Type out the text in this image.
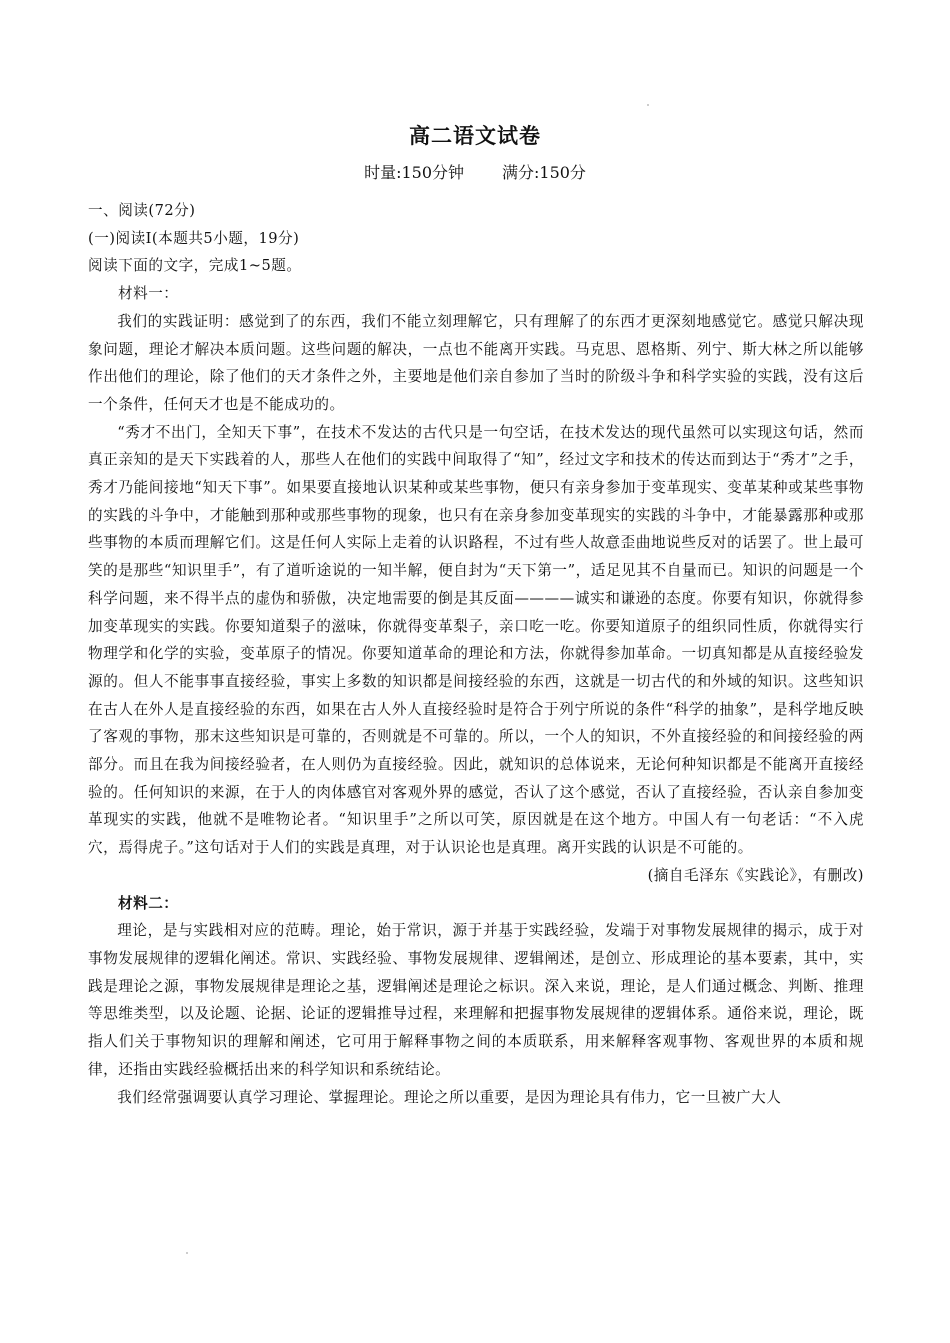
高二语文试卷
时量:150分钟 满分:150分

一、阅读(72分)

(一)阅读Ⅰ(本题共5小题，19分)

阅读下面的文字，完成1~5题。

材料一：

我们的实践证明：感觉到了的东西，我们不能立刻理解它，只有理解了的东西才更深刻地感觉它。感觉只解决现象问题，理论才解决本质问题。这些问题的解决，一点也不能离开实践。马克思、恩格斯、列宁、斯大林之所以能够作出他们的理论，除了他们的天才条件之外，主要地是他们亲自参加了当时的阶级斗争和科学实验的实践，没有这后一个条件，任何天才也是不能成功的。

“秀才不出门，全知天下事”，在技术不发达的古代只是一句空话，在技术发达的现代虽然可以实现这句话，然而真正亲知的是天下实践着的人，那些人在他们的实践中间取得了“知”，经过文字和技术的传达而到达于“秀才”之手，秀才乃能间接地“知天下事”。如果要直接地认识某种或某些事物，便只有亲身参加于变革现实、变革某种或某些事物的实践的斗争中，才能触到那种或那些事物的现象，也只有在亲身参加变革现实的实践的斗争中，才能暴露那种或那些事物的本质而理解它们。这是任何人实际上走着的认识路程，不过有些人故意歪曲地说些反对的话罢了。世上最可笑的是那些“知识里手”，有了道听途说的一知半解，便自封为“天下第一”，适足见其不自量而已。知识的问题是一个科学问题，来不得半点的虚伪和骄傲，决定地需要的倒是其反面————诚实和谦逊的态度。你要有知识，你就得参加变革现实的实践。你要知道梨子的滋味，你就得变革梨子，亲口吃一吃。你要知道原子的组织同性质，你就得实行物理学和化学的实验，变革原子的情况。你要知道革命的理论和方法，你就得参加革命。一切真知都是从直接经验发源的。但人不能事事直接经验，事实上多数的知识都是间接经验的东西，这就是一切古代的和外域的知识。这些知识在古人在外人是直接经验的东西，如果在古人外人直接经验时是符合于列宁所说的条件“科学的抽象”，是科学地反映了客观的事物，那末这些知识是可靠的，否则就是不可靠的。所以，一个人的知识，不外直接经验的和间接经验的两部分。而且在我为间接经验者，在人则仍为直接经验。因此，就知识的总体说来，无论何种知识都是不能离开直接经验的。任何知识的来源，在于人的肉体感官对客观外界的感觉，否认了这个感觉，否认了直接经验，否认亲自参加变革现实的实践，他就不是唯物论者。“知识里手”之所以可笑，原因就是在这个地方。中国人有一句老话：“不入虎穴，焉得虎子。”这句话对于人们的实践是真理，对于认识论也是真理。离开实践的认识是不可能的。

(摘自毛泽东《实践论》，有删改)

材料二：

理论，是与实践相对应的范畴。理论，始于常识，源于并基于实践经验，发端于对事物发展规律的揭示，成于对事物发展规律的逻辑化阐述。常识、实践经验、事物发展规律、逻辑阐述，是创立、形成理论的基本要素，其中，实践是理论之源，事物发展规律是理论之基，逻辑阐述是理论之标识。深入来说，理论，是人们通过概念、判断、推理等思维类型，以及论题、论据、论证的逻辑推导过程，来理解和把握事物发展规律的逻辑体系。通俗来说，理论，既指人们关于事物知识的理解和阐述，它可用于解释事物之间的本质联系，用来解释客观事物、客观世界的本质和规律，还指由实践经验概括出来的科学知识和系统结论。

我们经常强调要认真学习理论、掌握理论。理论之所以重要，是因为理论具有伟力，它一旦被广大人
